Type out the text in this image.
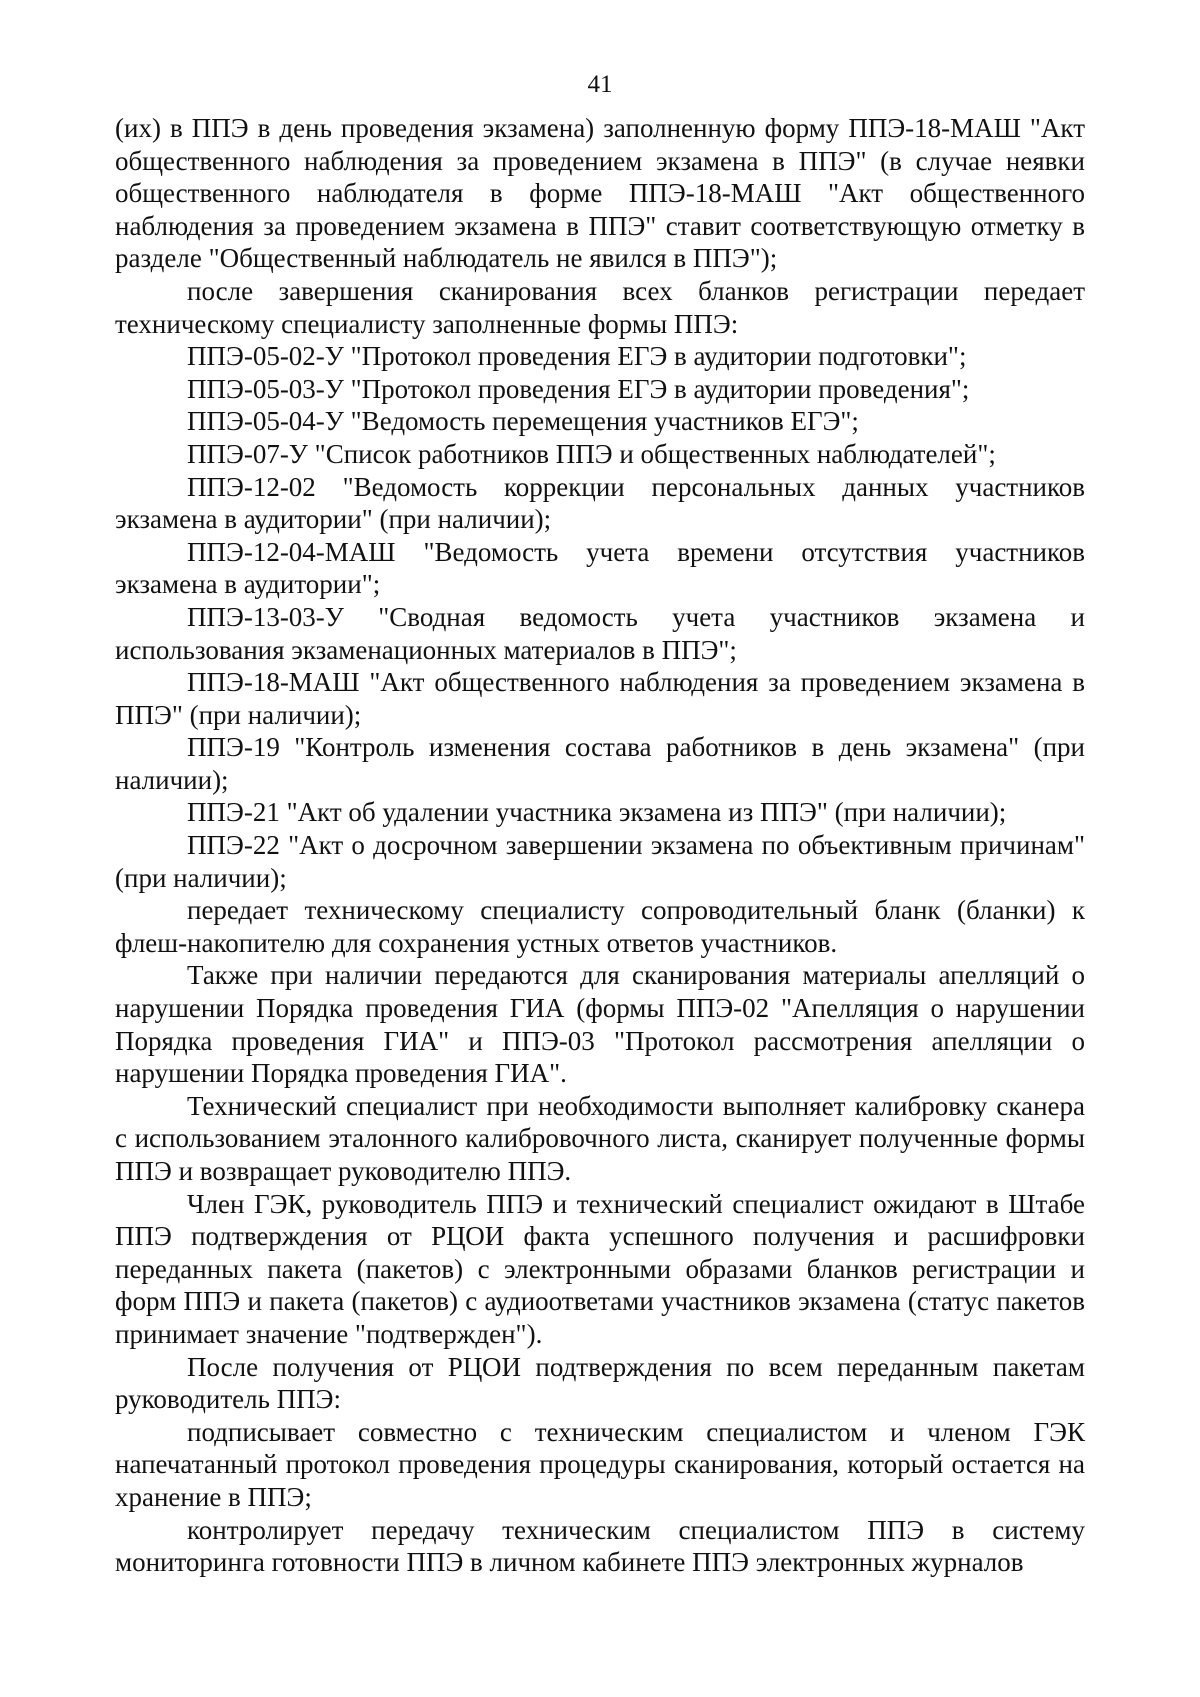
41

(их) в ППЭ в день проведения экзамена) заполненную форму ППЭ-18-МАШ "Акт общественного наблюдения за проведением экзамена в ППЭ" (в случае неявки общественного наблюдателя в форме ППЭ-18-МАШ "Акт общественного наблюдения за проведением экзамена в ППЭ" ставит соответствующую отметку в разделе "Общественный наблюдатель не явился в ППЭ");

после завершения сканирования всех бланков регистрации передает техническому специалисту заполненные формы ППЭ:

ППЭ-05-02-У "Протокол проведения ЕГЭ в аудитории подготовки";

ППЭ-05-03-У "Протокол проведения ЕГЭ в аудитории проведения";

ППЭ-05-04-У "Ведомость перемещения участников ЕГЭ";

ППЭ-07-У "Список работников ППЭ и общественных наблюдателей";

ППЭ-12-02 "Ведомость коррекции персональных данных участников экзамена в аудитории" (при наличии);

ППЭ-12-04-МАШ "Ведомость учета времени отсутствия участников экзамена в аудитории";

ППЭ-13-03-У "Сводная ведомость учета участников экзамена и использования экзаменационных материалов в ППЭ";

ППЭ-18-МАШ "Акт общественного наблюдения за проведением экзамена в ППЭ" (при наличии);

ППЭ-19 "Контроль изменения состава работников в день экзамена" (при наличии);

ППЭ-21 "Акт об удалении участника экзамена из ППЭ" (при наличии);

ППЭ-22 "Акт о досрочном завершении экзамена по объективным причинам" (при наличии);

передает техническому специалисту сопроводительный бланк (бланки) к флеш-накопителю для сохранения устных ответов участников.

Также при наличии передаются для сканирования материалы апелляций о нарушении Порядка проведения ГИА (формы ППЭ-02 "Апелляция о нарушении Порядка проведения ГИА" и ППЭ-03 "Протокол рассмотрения апелляции о нарушении Порядка проведения ГИА".

Технический специалист при необходимости выполняет калибровку сканера с использованием эталонного калибровочного листа, сканирует полученные формы ППЭ и возвращает руководителю ППЭ.

Член ГЭК, руководитель ППЭ и технический специалист ожидают в Штабе ППЭ подтверждения от РЦОИ факта успешного получения и расшифровки переданных пакета (пакетов) с электронными образами бланков регистрации и форм ППЭ и пакета (пакетов) с аудиоответами участников экзамена (статус пакетов принимает значение "подтвержден").

После получения от РЦОИ подтверждения по всем переданным пакетам руководитель ППЭ:

подписывает совместно с техническим специалистом и членом ГЭК напечатанный протокол проведения процедуры сканирования, который остается на хранение в ППЭ;

контролирует передачу техническим специалистом ППЭ в систему мониторинга готовности ППЭ в личном кабинете ППЭ электронных журналов
